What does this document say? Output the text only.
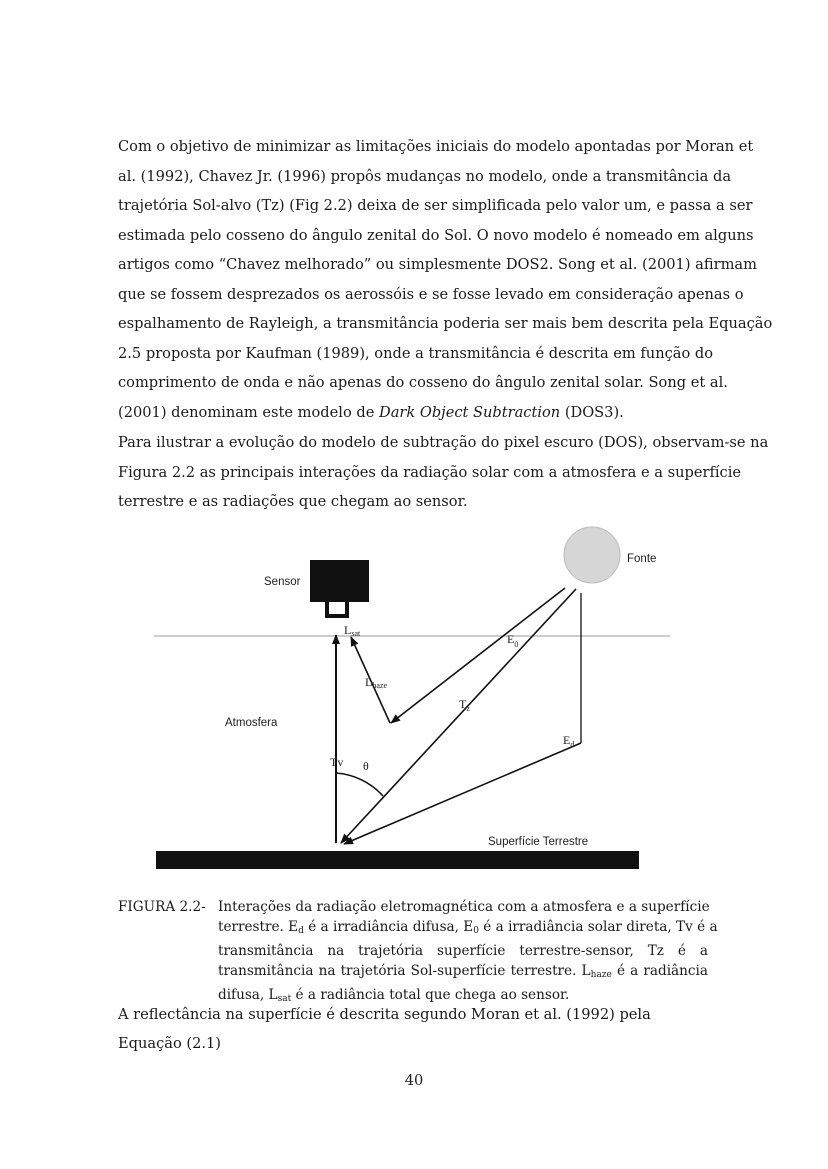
Com o objetivo de minimizar as limitações iniciais do modelo apontadas por Moran et
al. (1992), Chavez Jr. (1996) propôs mudanças no modelo, onde a transmitância da
trajetória Sol-alvo (Tz) (Fig 2.2) deixa de ser simplificada pelo valor um, e passa a ser
estimada pelo cosseno do ângulo zenital do Sol. O novo modelo é nomeado em alguns
artigos como “Chavez melhorado” ou simplesmente DOS2. Song et al. (2001) afirmam
que se fossem desprezados os aerossóis e se fosse levado em consideração apenas o
espalhamento de Rayleigh, a transmitância poderia ser mais bem descrita pela Equação
2.5 proposta por Kaufman (1989), onde a transmitância é descrita em função do
comprimento de onda e não apenas do cosseno do ângulo zenital solar. Song et al.
(2001) denominam este modelo de Dark Object Subtraction (DOS3).
Para ilustrar a evolução do modelo de subtração do pixel escuro (DOS), observam-se na
Figura 2.2 as principais interações da radiação solar com a atmosfera e a superfície
terrestre e as radiações que chegam ao sensor.
Sensor
Fonte
Atmosfera
Superfície Terrestre
Lsat
Lhaze
$E_0$
$T_z$
$E_d$
Tv θ
FIGURA 2.2- Interações da radiação eletromagnética com a atmosfera e a superfície
terrestre. $E_d$ é a irradiância difusa, $E_0$ é a irradiância solar direta, Tv é a
transmitância na trajetória superfície terrestre-sensor, Tz é a
transmitância na trajetória Sol-superfície terrestre. $L_{haze}$ é a radiância
difusa, $L_{sat}$ é a radiância total que chega ao sensor.
A reflectância na superfície é descrita segundo Moran et al. (1992) pela Equação (2.1)
40
